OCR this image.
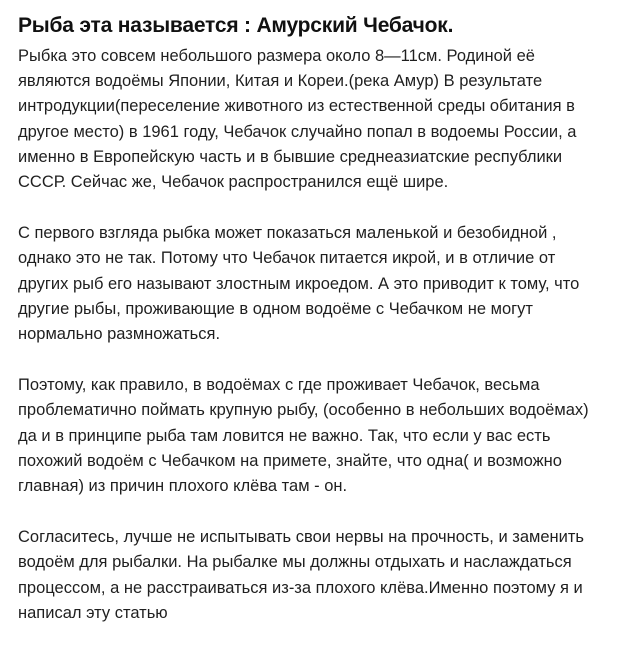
Рыба эта называется : Амурский Чебачок.

Рыбка это совсем небольшого размера около 8—11см. Родиной её
являются водоёмы Японии, Китая и Кореи.(река Амур) В результате
интродукции(переселение животного из естественной среды обитания в
другое место) в 1961 году, Чебачок случайно попал в водоемы России, а
именно в Европейскую часть и в бывшие среднеазиатские республики
СССР. Сейчас же, Чебачок распространился ещё шире.

С первого взгляда рыбка может показаться маленькой и безобидной ,
однако это не так. Потому что Чебачок питается икрой, и в отличие от
других рыб его называют злостным икроедом. А это приводит к тому, что
другие рыбы, проживающие в одном водоёме с Чебачком не могут
нормально размножаться.

Поэтому, как правило, в водоёмах с где проживает Чебачок, весьма
проблематично поймать крупную рыбу, (особенно в небольших водоёмах)
да и в принципе рыба там ловится не важно. Так, что если у вас есть
похожий водоём с Чебачком на примете, знайте, что одна( и возможно
главная) из причин плохого клёва там - он.

Согласитесь, лучше не испытывать свои нервы на прочность, и заменить
водоём для рыбалки. На рыбалке мы должны отдыхать и наслаждаться
процессом, а не расстраиваться из-за плохого клёва.Именно поэтому я и
написал эту статью
